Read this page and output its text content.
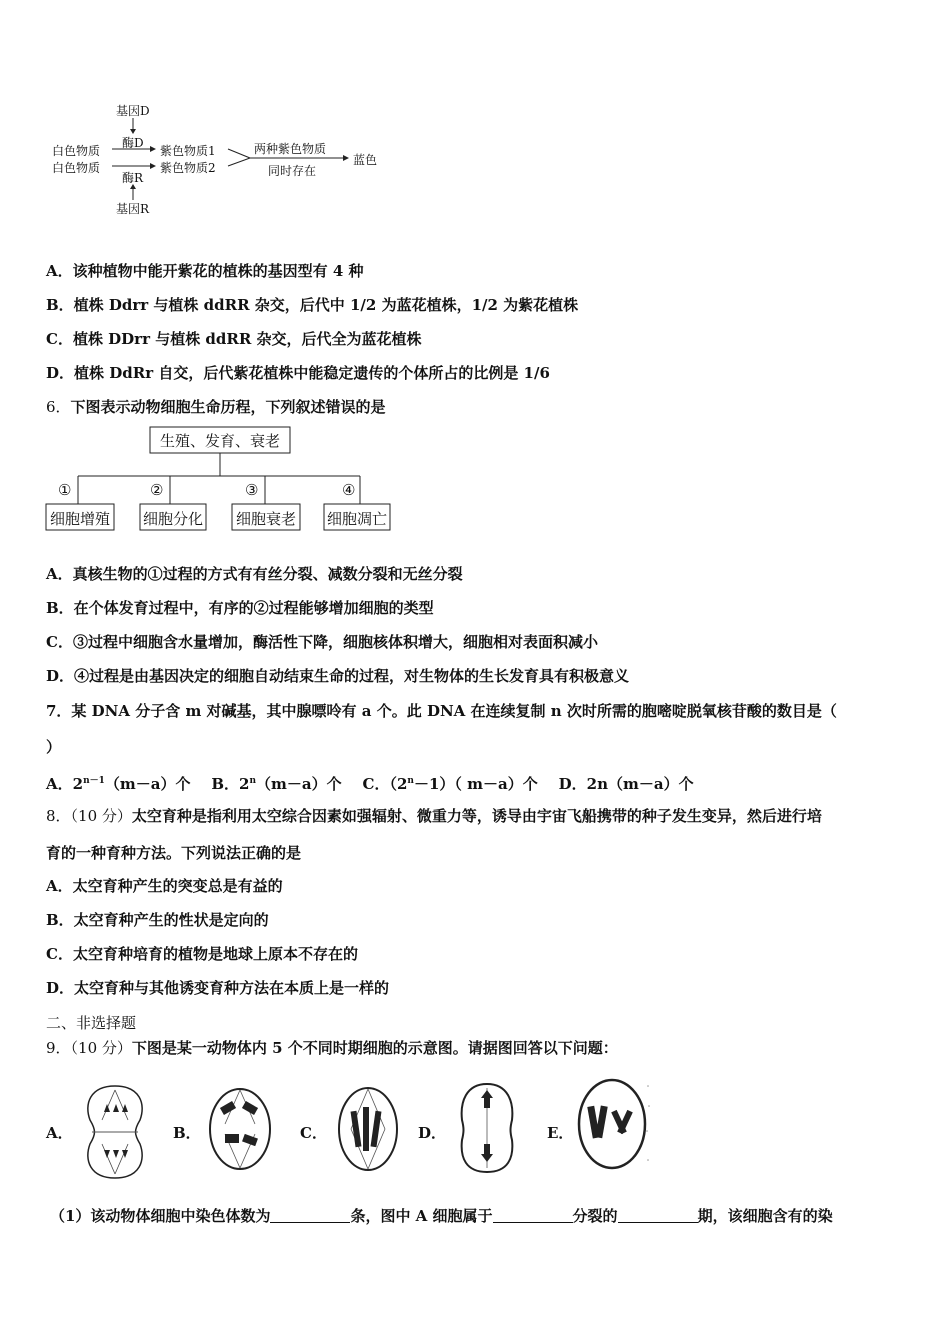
基因D
酶D
白色物质
白色物质
紫色物质1
紫色物质2
两种紫色物质
同时存在
蓝色
酶R
基因R
A．该种植物中能开紫花的植株的基因型有 4 种
B．植株 Ddrr 与植株 ddRR 杂交，后代中 1/2 为蓝花植株，1/2 为紫花植株
C．植株 DDrr 与植株 ddRR 杂交，后代全为蓝花植株
D．植株 DdRr 自交，后代紫花植株中能稳定遗传的个体所占的比例是 1/6
6．下图表示动物细胞生命历程，下列叙述错误的是
生殖、发育、衰老
①	②	③	④
细胞增殖 细胞分化 细胞衰老 细胞凋亡
A．真核生物的①过程的方式有有丝分裂、减数分裂和无丝分裂
B．在个体发育过程中，有序的②过程能够增加细胞的类型
C．③过程中细胞含水量增加，酶活性下降，细胞核体积增大，细胞相对表面积减小
D．④过程是由基因决定的细胞自动结束生命的过程，对生物体的生长发育具有积极意义
7．某 DNA 分子含 m 对碱基，其中腺嘌呤有 a 个。此 DNA 在连续复制 n 次时所需的胞嘧啶脱氧核苷酸的数目是（
）
A．$2^{n-1}(m-a)$个 B．$2^n(m-a)$个 C．$(2^n-1)$（ m－a）个 D．2n（m－a）个
8．（10 分）太空育种是指利用太空综合因素如强辐射、微重力等，诱导由宇宙飞船携带的种子发生变异，然后进行培
育的一种育种方法。下列说法正确的是
A．太空育种产生的突变总是有益的
B．太空育种产生的性状是定向的
C．太空育种培育的植物是地球上原本不存在的
D．太空育种与其他诱变育种方法在本质上是一样的
二、非选择题
9．（10 分）下图是某一动物体内 5 个不同时期细胞的示意图。请据图回答以下问题：
A．	B．	C．	D．	E．
（1）该动物体细胞中染色体数为	条，图中 A 细胞属于	分裂的	期，该细胞含有的染
